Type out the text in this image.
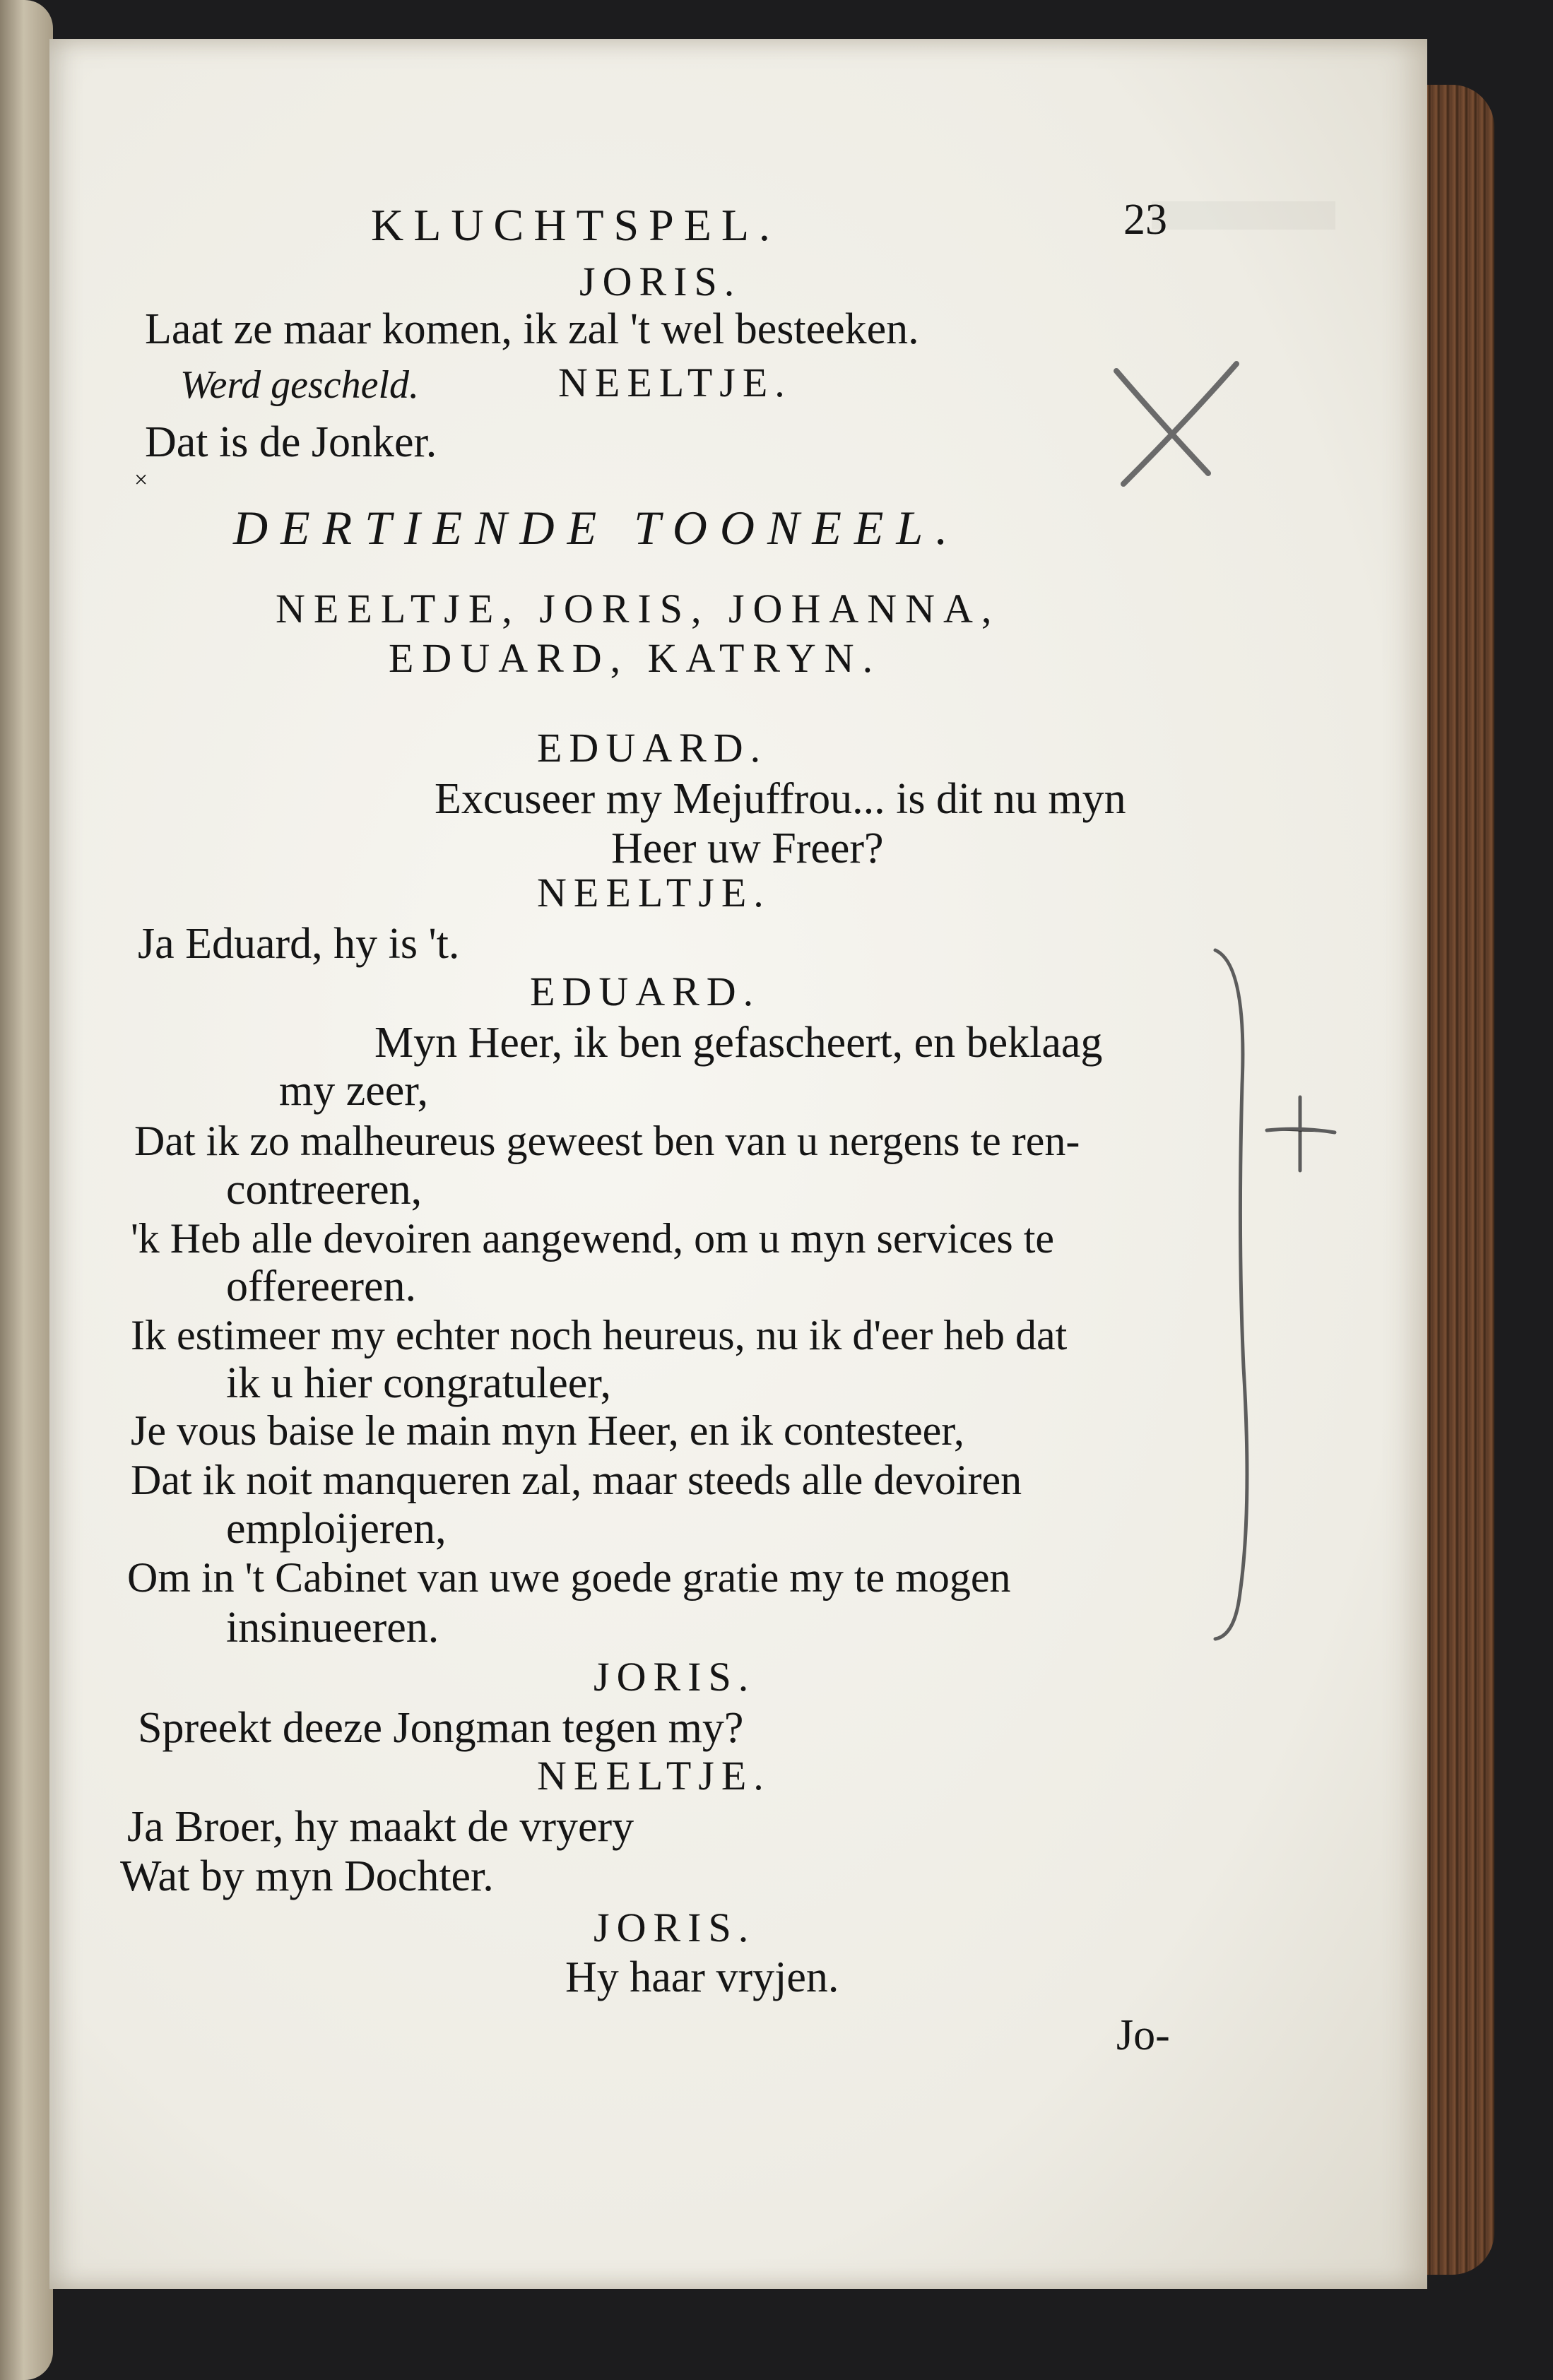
KLUCHTSPEL.	23
JORIS.
Laat ze maar komen, ik zal 't wel besteeken.
Werd gescheld.	NEELTJE.
Dat is de Jonker.
×
DERTIENDE TOONEEL.
NEELTJE, JORIS, JOHANNA,
EDUARD, KATRYN.
EDUARD.
Excuseer my Mejuffrou... is dit nu myn
Heer uw Freer?
NEELTJE.
Ja Eduard, hy is 't.
EDUARD.
Myn Heer, ik ben gefascheert, en beklaag
my zeer,
Dat ik zo malheureus geweest ben van u nergens te ren-
contreeren,
'k Heb alle devoiren aangewend, om u myn services te
offereeren.
Ik estimeer my echter noch heureus, nu ik d'eer heb dat
ik u hier congratuleer,
Je vous baise le main myn Heer, en ik contesteer,
Dat ik noit manqueren zal, maar steeds alle devoiren
emploijeren,
Om in 't Cabinet van uwe goede gratie my te mogen
insinueeren.
JORIS.
Spreekt deeze Jongman tegen my?
NEELTJE.
Ja Broer, hy maakt de vryery
Wat by myn Dochter.
JORIS.
Hy haar vryjen.
Jo-
